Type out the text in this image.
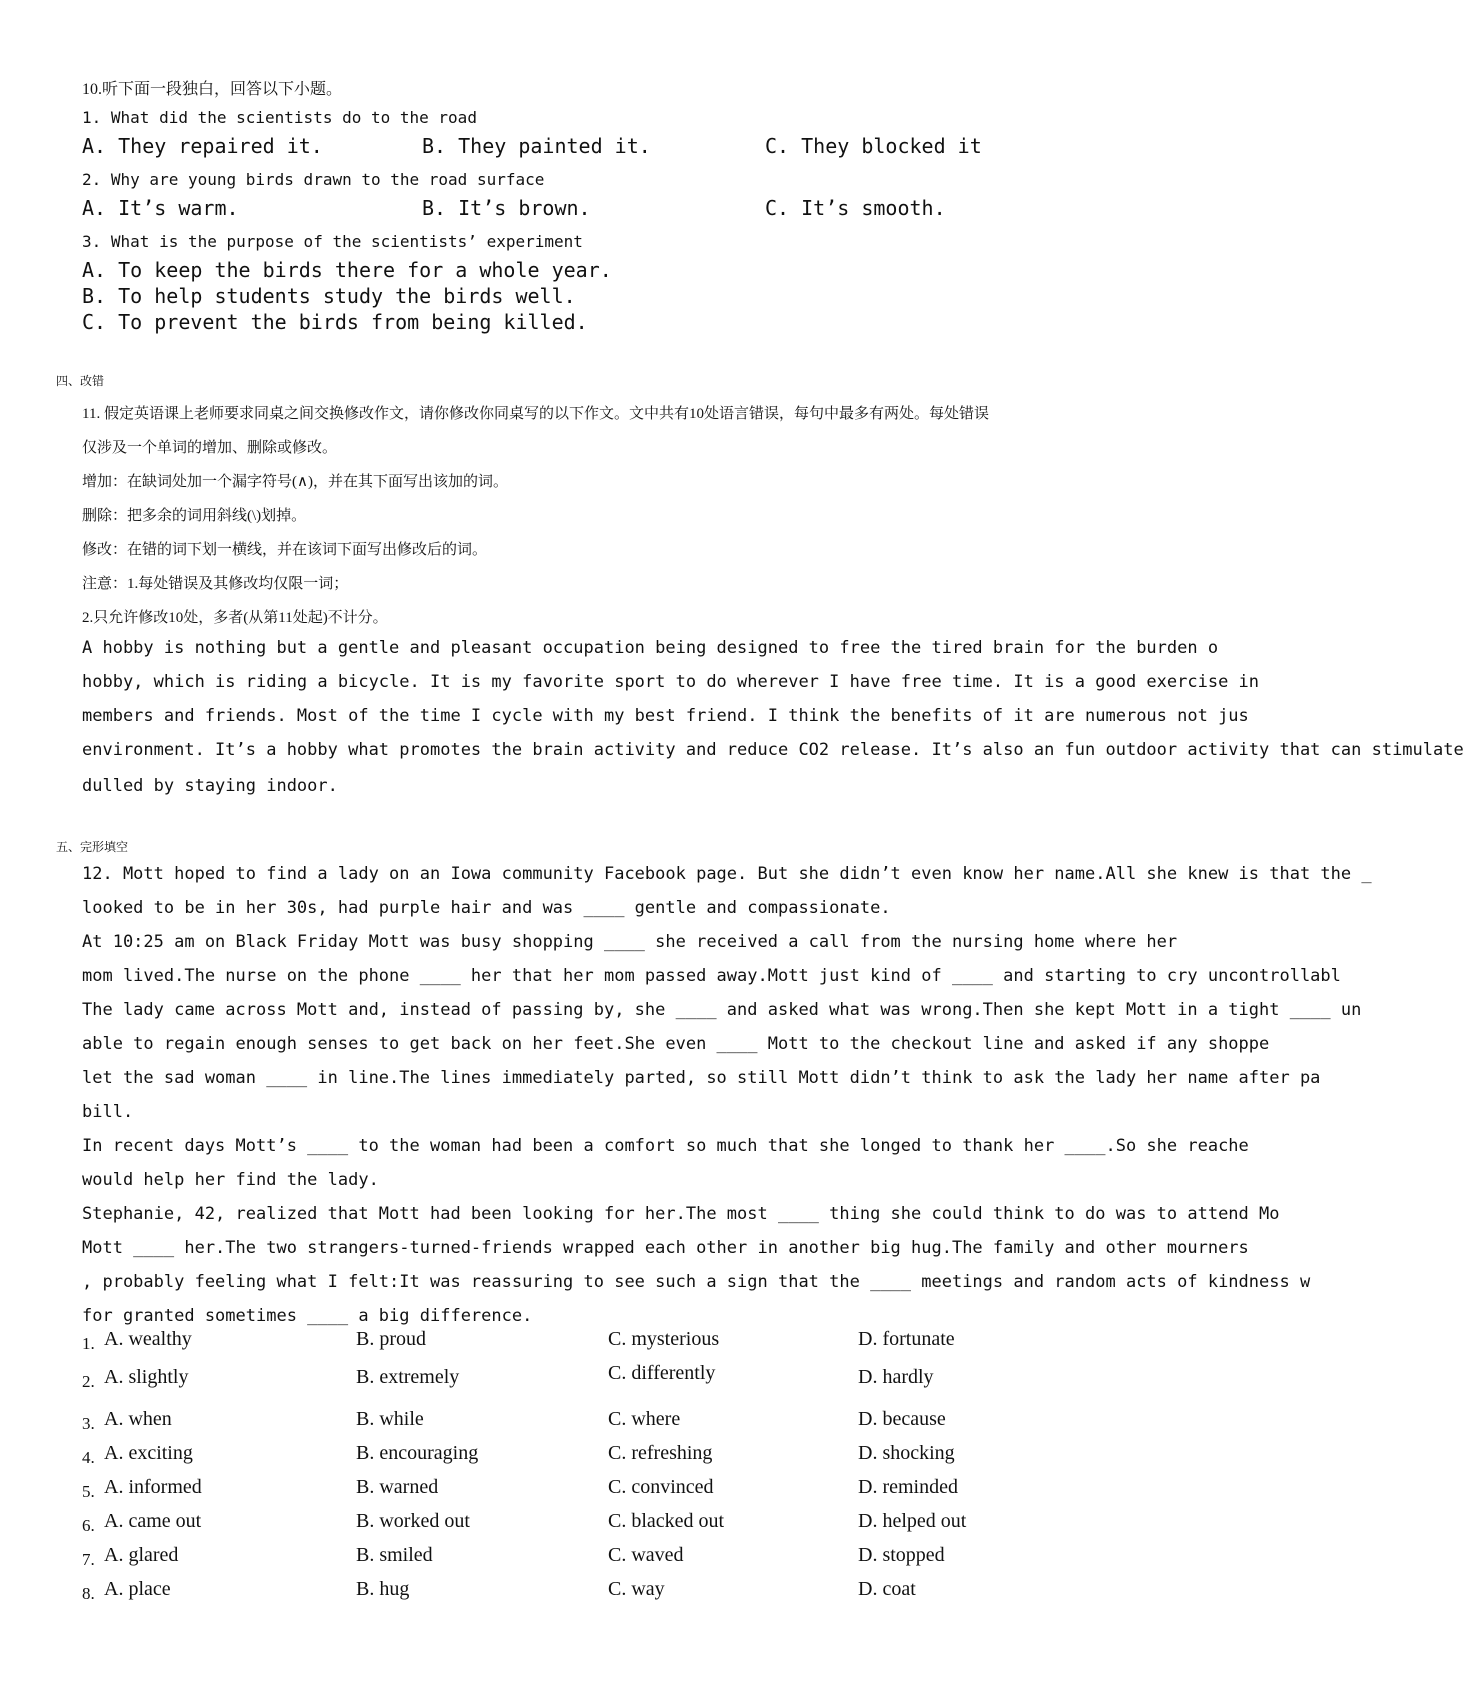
10.听下面一段独白，回答以下小题。
1. What did the scientists do to the road
A. They repaired it.	B. They painted it.	C. They blocked it
2. Why are young birds drawn to the road surface
A. It’s warm.	B. It’s brown.	C. It’s smooth.
3. What is the purpose of the scientists’ experiment
A. To keep the birds there for a whole year.
B. To help students study the birds well.
C. To prevent the birds from being killed.
四、改错
11. 假定英语课上老师要求同桌之间交换修改作文，请你修改你同桌写的以下作文。文中共有10处语言错误，每句中最多有两处。每处错误
仅涉及一个单词的增加、删除或修改。
增加：在缺词处加一个漏字符号(∧)，并在其下面写出该加的词。
删除：把多余的词用斜线(\)划掉。
修改：在错的词下划一横线，并在该词下面写出修改后的词。
注意：1.每处错误及其修改均仅限一词；
2.只允许修改10处，多者(从第11处起)不计分。
A hobby is nothing but a gentle and pleasant occupation being designed to free the tired brain for the burden o
hobby, which is riding a bicycle. It is my favorite sport to do wherever I have free time. It is a good exercise in
members and friends. Most of the time I cycle with my best friend. I think the benefits of it are numerous not jus
environment. It’s a hobby what promotes the brain activity and reduce CO2 release. It’s also an fun outdoor activity that can stimulate
dulled by staying indoor.
五、完形填空
12. Mott hoped to find a lady on an Iowa community Facebook page. But she didn’t even know her name.All she knew is that the _
looked to be in her 30s, had purple hair and was ____ gentle and compassionate.
At 10:25 am on Black Friday Mott was busy shopping ____ she received a call from the nursing home where her
mom lived.The nurse on the phone ____ her that her mom passed away.Mott just kind of ____ and starting to cry uncontrollabl
The lady came across Mott and, instead of passing by, she ____ and asked what was wrong.Then she kept Mott in a tight ____ un
able to regain enough senses to get back on her feet.She even ____ Mott to the checkout line and asked if any shoppe
let the sad woman ____ in line.The lines immediately parted, so still Mott didn’t think to ask the lady her name after pa
bill.
In recent days Mott’s ____ to the woman had been a comfort so much that she longed to thank her ____.So she reache
would help her find the lady.
Stephanie, 42, realized that Mott had been looking for her.The most ____ thing she could think to do was to attend Mo
Mott ____ her.The two strangers-turned-friends wrapped each other in another big hug.The family and other mourners
, probably feeling what I felt:It was reassuring to see such a sign that the ____ meetings and random acts of kindness w
for granted sometimes ____ a big difference.
1. A. wealthy	B. proud	C. mysterious	D. fortunate
2. A. slightly	B. extremely	C. differently	D. hardly
3. A. when	B. while	C. where	D. because
4. A. exciting	B. encouraging	C. refreshing	D. shocking
5. A. informed	B. warned	C. convinced	D. reminded
6. A. came out	B. worked out	C. blacked out	D. helped out
7. A. glared	B. smiled	C. waved	D. stopped
8. A. place	B. hug	C. way	D. coat
